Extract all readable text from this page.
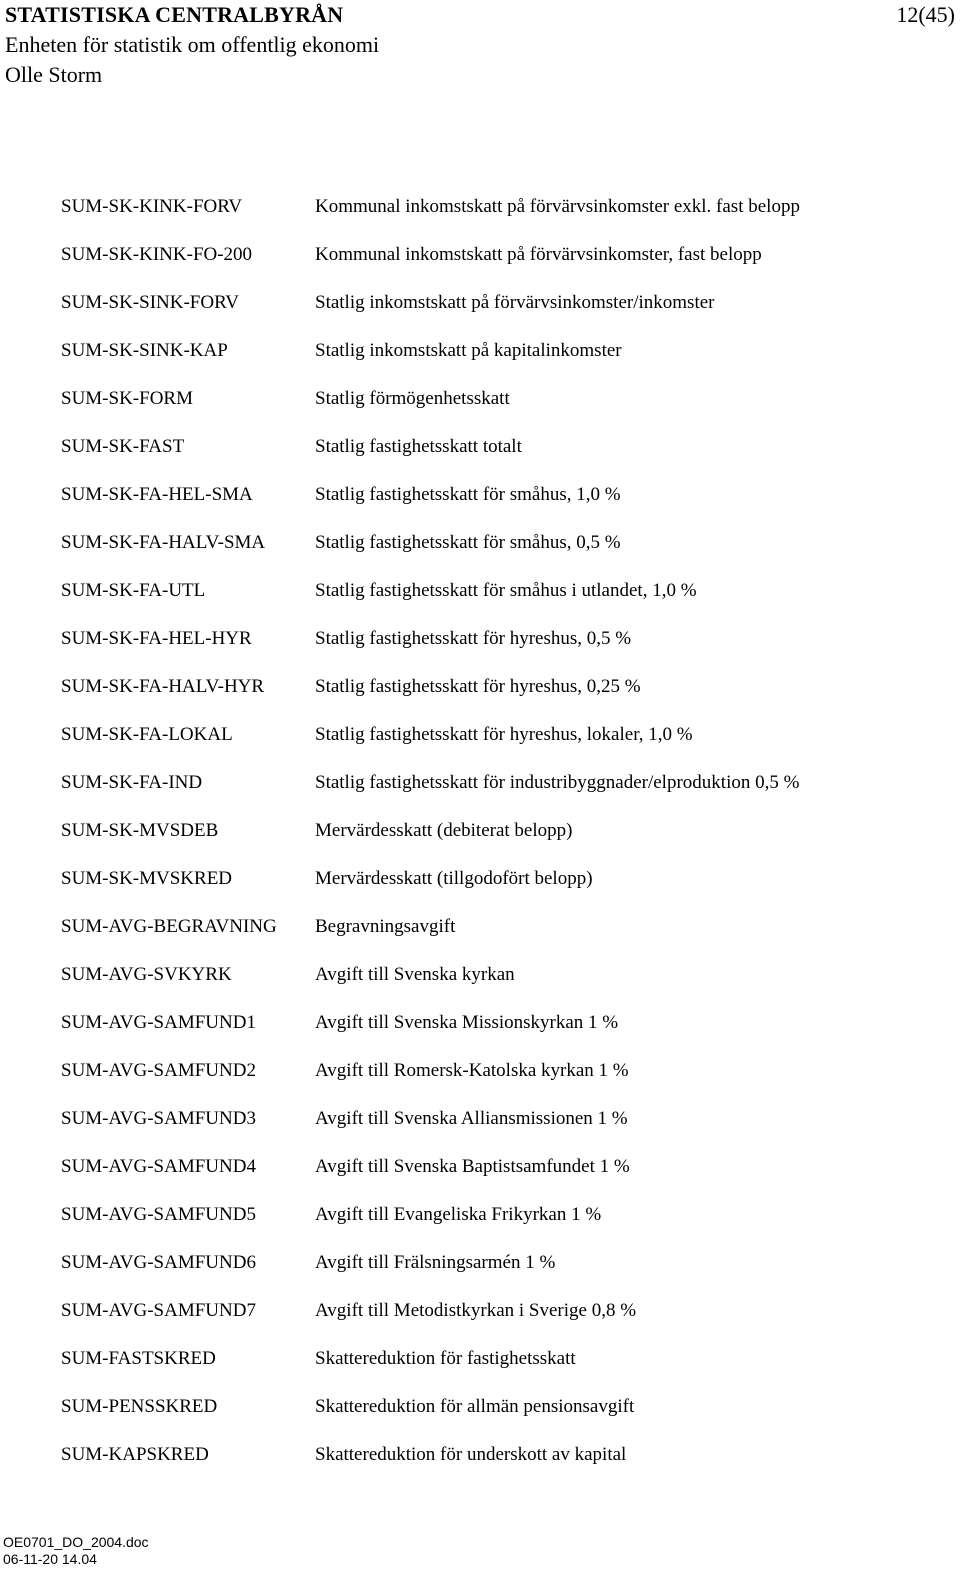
STATISTISKA CENTRALBYRÅN	12(45)
Enheten för statistik om offentlig ekonomi
Olle Storm
SUM-SK-KINK-FORV	Kommunal inkomstskatt på förvärvsinkomster exkl. fast belopp
SUM-SK-KINK-FO-200	Kommunal inkomstskatt på förvärvsinkomster, fast belopp
SUM-SK-SINK-FORV	Statlig inkomstskatt på förvärvsinkomster/inkomster
SUM-SK-SINK-KAP	Statlig inkomstskatt på kapitalinkomster
SUM-SK-FORM	Statlig förmögenhetsskatt
SUM-SK-FAST	Statlig fastighetsskatt totalt
SUM-SK-FA-HEL-SMA	Statlig fastighetsskatt för småhus, 1,0 %
SUM-SK-FA-HALV-SMA	Statlig fastighetsskatt för småhus, 0,5 %
SUM-SK-FA-UTL	Statlig fastighetsskatt för småhus i utlandet, 1,0 %
SUM-SK-FA-HEL-HYR	Statlig fastighetsskatt för hyreshus, 0,5 %
SUM-SK-FA-HALV-HYR	Statlig fastighetsskatt för hyreshus, 0,25 %
SUM-SK-FA-LOKAL	Statlig fastighetsskatt för hyreshus, lokaler, 1,0 %
SUM-SK-FA-IND	Statlig fastighetsskatt för industribyggnader/elproduktion 0,5 %
SUM-SK-MVSDEB	Mervärdesskatt (debiterat belopp)
SUM-SK-MVSKRED	Mervärdesskatt (tillgodofört belopp)
SUM-AVG-BEGRAVNING	Begravningsavgift
SUM-AVG-SVKYRK	Avgift till Svenska kyrkan
SUM-AVG-SAMFUND1	Avgift till Svenska Missionskyrkan 1 %
SUM-AVG-SAMFUND2	Avgift till Romersk-Katolska kyrkan 1 %
SUM-AVG-SAMFUND3	Avgift till Svenska Alliansmissionen 1 %
SUM-AVG-SAMFUND4	Avgift till Svenska Baptistsamfundet 1 %
SUM-AVG-SAMFUND5	Avgift till Evangeliska Frikyrkan 1 %
SUM-AVG-SAMFUND6	Avgift till Frälsningsarmén 1 %
SUM-AVG-SAMFUND7	Avgift till Metodistkyrkan i Sverige 0,8 %
SUM-FASTSKRED	Skattereduktion för fastighetsskatt
SUM-PENSSKRED	Skattereduktion för allmän pensionsavgift
SUM-KAPSKRED	Skattereduktion för underskott av kapital
OE0701_DO_2004.doc
06-11-20 14.04
